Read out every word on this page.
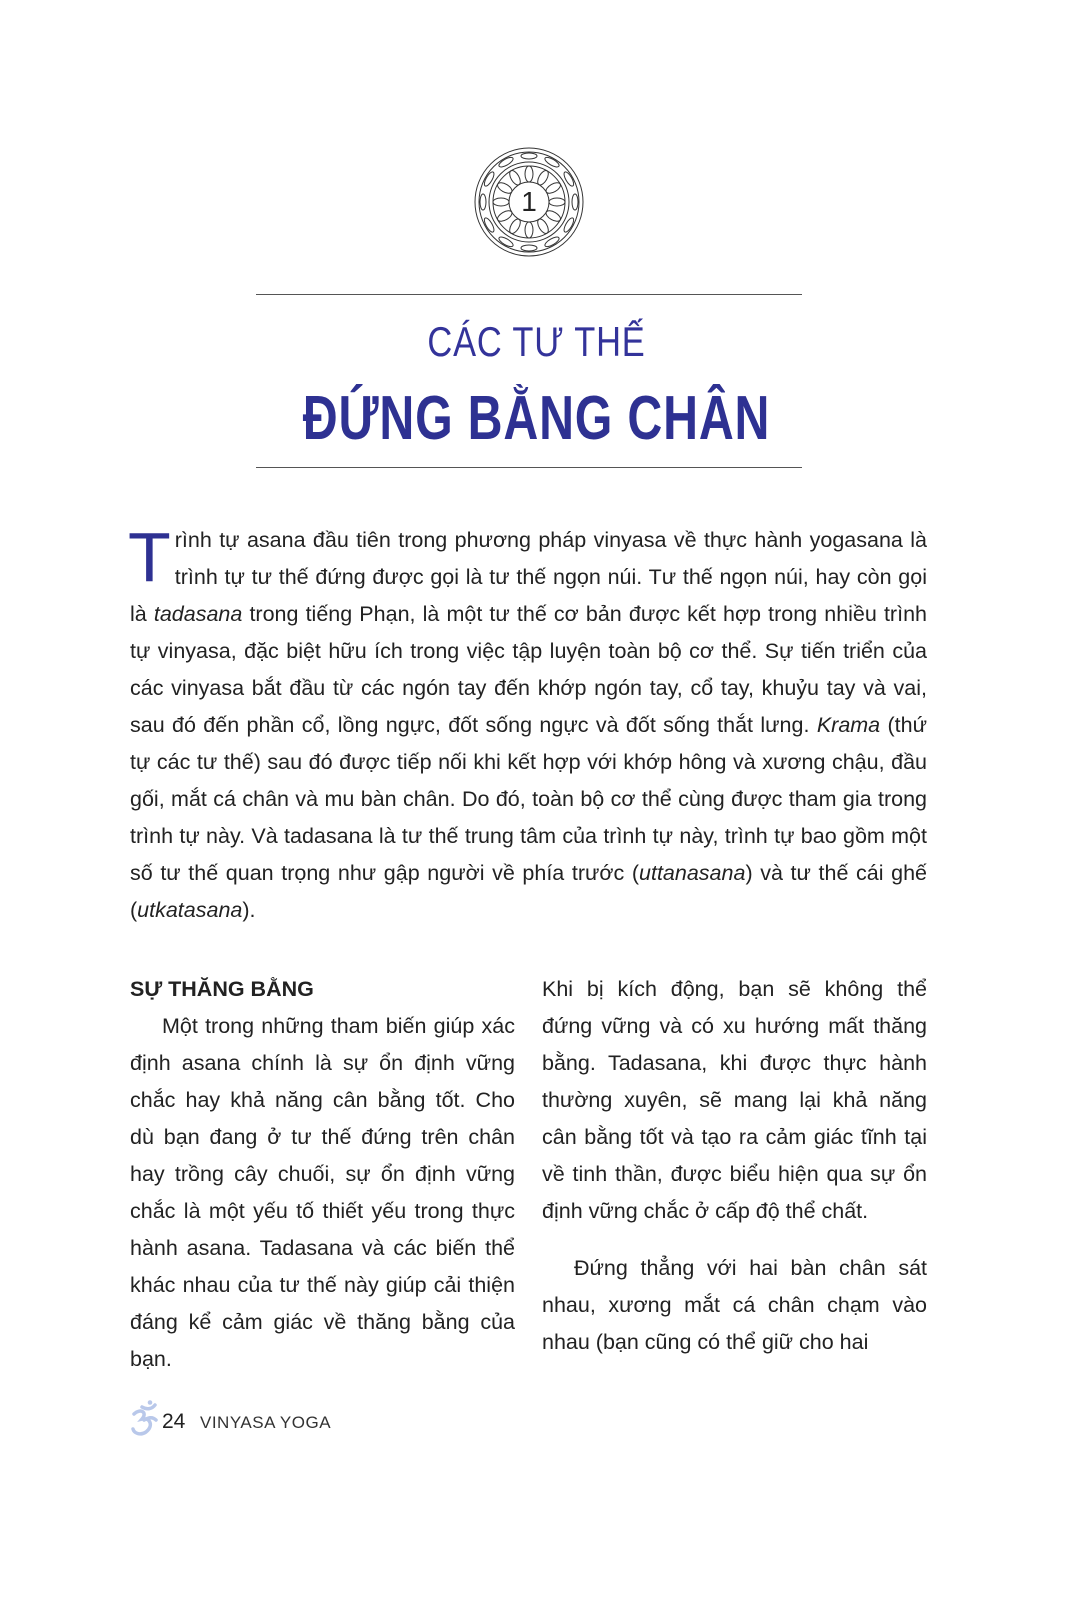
1
CÁC TƯ THẾ
ĐỨNG BẰNG CHÂN
Trình tự asana đầu tiên trong phương pháp vinyasa về thực hành yogasana là trình tự tư thế đứng được gọi là tư thế ngọn núi. Tư thế ngọn núi, hay còn gọi là tadasana trong tiếng Phạn, là một tư thế cơ bản được kết hợp trong nhiều trình tự vinyasa, đặc biệt hữu ích trong việc tập luyện toàn bộ cơ thể. Sự tiến triển của các vinyasa bắt đầu từ các ngón tay đến khớp ngón tay, cổ tay, khuỷu tay và vai, sau đó đến phần cổ, lồng ngực, đốt sống ngực và đốt sống thắt lưng. Krama (thứ tự các tư thế) sau đó được tiếp nối khi kết hợp với khớp hông và xương chậu, đầu gối, mắt cá chân và mu bàn chân. Do đó, toàn bộ cơ thể cùng được tham gia trong trình tự này. Và tadasana là tư thế trung tâm của trình tự này, trình tự bao gồm một số tư thế quan trọng như gập người về phía trước (uttanasana) và tư thế cái ghế (utkatasana).

SỰ THĂNG BẰNG

Một trong những tham biến giúp xác định asana chính là sự ổn định vững chắc hay khả năng cân bằng tốt. Cho dù bạn đang ở tư thế đứng trên chân hay trồng cây chuối, sự ổn định vững chắc là một yếu tố thiết yếu trong thực hành asana. Tadasana và các biến thể khác nhau của tư thế này giúp cải thiện đáng kể cảm giác về thăng bằng của bạn.

Khi bị kích động, bạn sẽ không thể đứng vững và có xu hướng mất thăng bằng. Tadasana, khi được thực hành thường xuyên, sẽ mang lại khả năng cân bằng tốt và tạo ra cảm giác tĩnh tại về tinh thần, được biểu hiện qua sự ổn định vững chắc ở cấp độ thể chất.

Đứng thẳng với hai bàn chân sát nhau, xương mắt cá chân chạm vào nhau (bạn cũng có thể giữ cho hai

24 VINYASA YOGA
